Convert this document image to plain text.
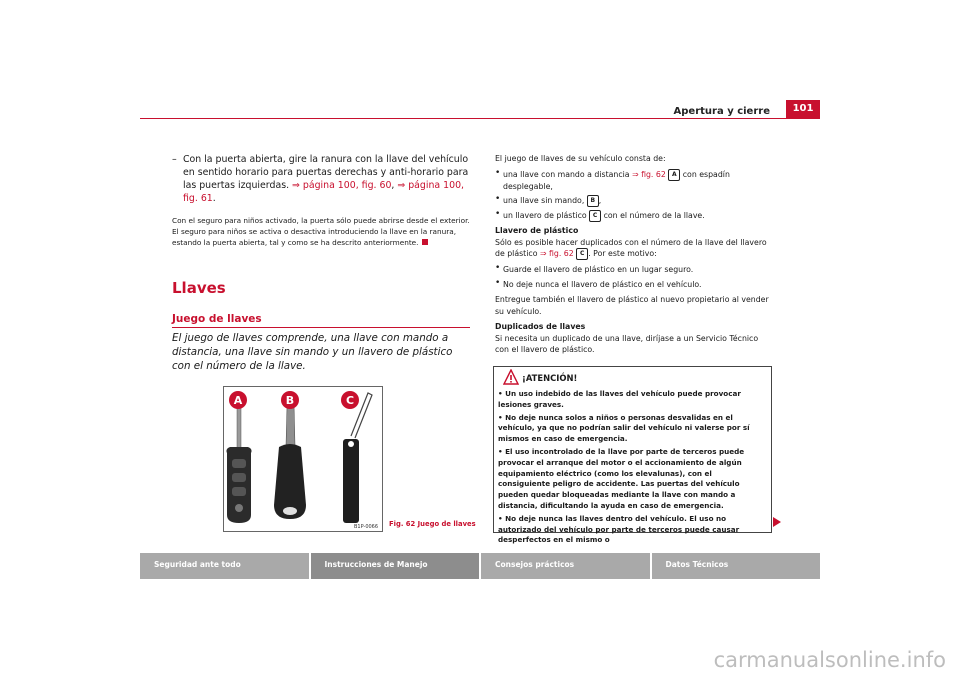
Apertura y cierre	101
– Con la puerta abierta, gire la ranura con la llave del vehículo en sentido horario para puertas derechas y anti-horario para las puertas izquierdas. ⇒ página 100, fig. 60, ⇒ página 100, fig. 61.
Con el seguro para niños activado, la puerta sólo puede abrirse desde el exterior. El seguro para niños se activa o desactiva introduciendo la llave en la ranura, estando la puerta abierta, tal y como se ha descrito anteriormente.
Llaves
Juego de llaves
El juego de llaves comprende, una llave con mando a distancia, una llave sin mando y un llavero de plástico con el número de la llave.
A	B	C
B1P-0066 Fig. 62 Juego de llaves

El juego de llaves de su vehículo consta de:

• una llave con mando a distancia ⇒ fig. 62 A con espadín desplegable,
• una llave sin mando, B ,
• un llavero de plástico C con el número de la llave.

Llavero de plástico

Sólo es posible hacer duplicados con el número de la llave del llavero de plástico ⇒ fig. 62 C . Por este motivo:

• Guarde el llavero de plástico en un lugar seguro.
• No deje nunca el llavero de plástico en el vehículo.

Entregue también el llavero de plástico al nuevo propietario al vender su vehículo.

Duplicados de llaves

Si necesita un duplicado de una llave, diríjase a un Servicio Técnico con el llavero de plástico.

¡ATENCIÓN!
• Un uso indebido de las llaves del vehículo puede provocar lesiones graves.
• No deje nunca solos a niños o personas desvalidas en el vehículo, ya que no podrían salir del vehículo ni valerse por sí mismos en caso de emergencia.
• El uso incontrolado de la llave por parte de terceros puede provocar el arranque del motor o el accionamiento de algún equipamiento eléctrico (como los elevalunas), con el consiguiente peligro de accidente. Las puertas del vehículo pueden quedar bloqueadas mediante la llave con mando a distancia, dificultando la ayuda en caso de emergencia.
• No deje nunca las llaves dentro del vehículo. El uso no autorizado del vehículo por parte de terceros puede causar desperfectos en el mismo o
Seguridad ante todo	Instrucciones de Manejo	Consejos prácticos	Datos Técnicos
carmanualsonline.info
